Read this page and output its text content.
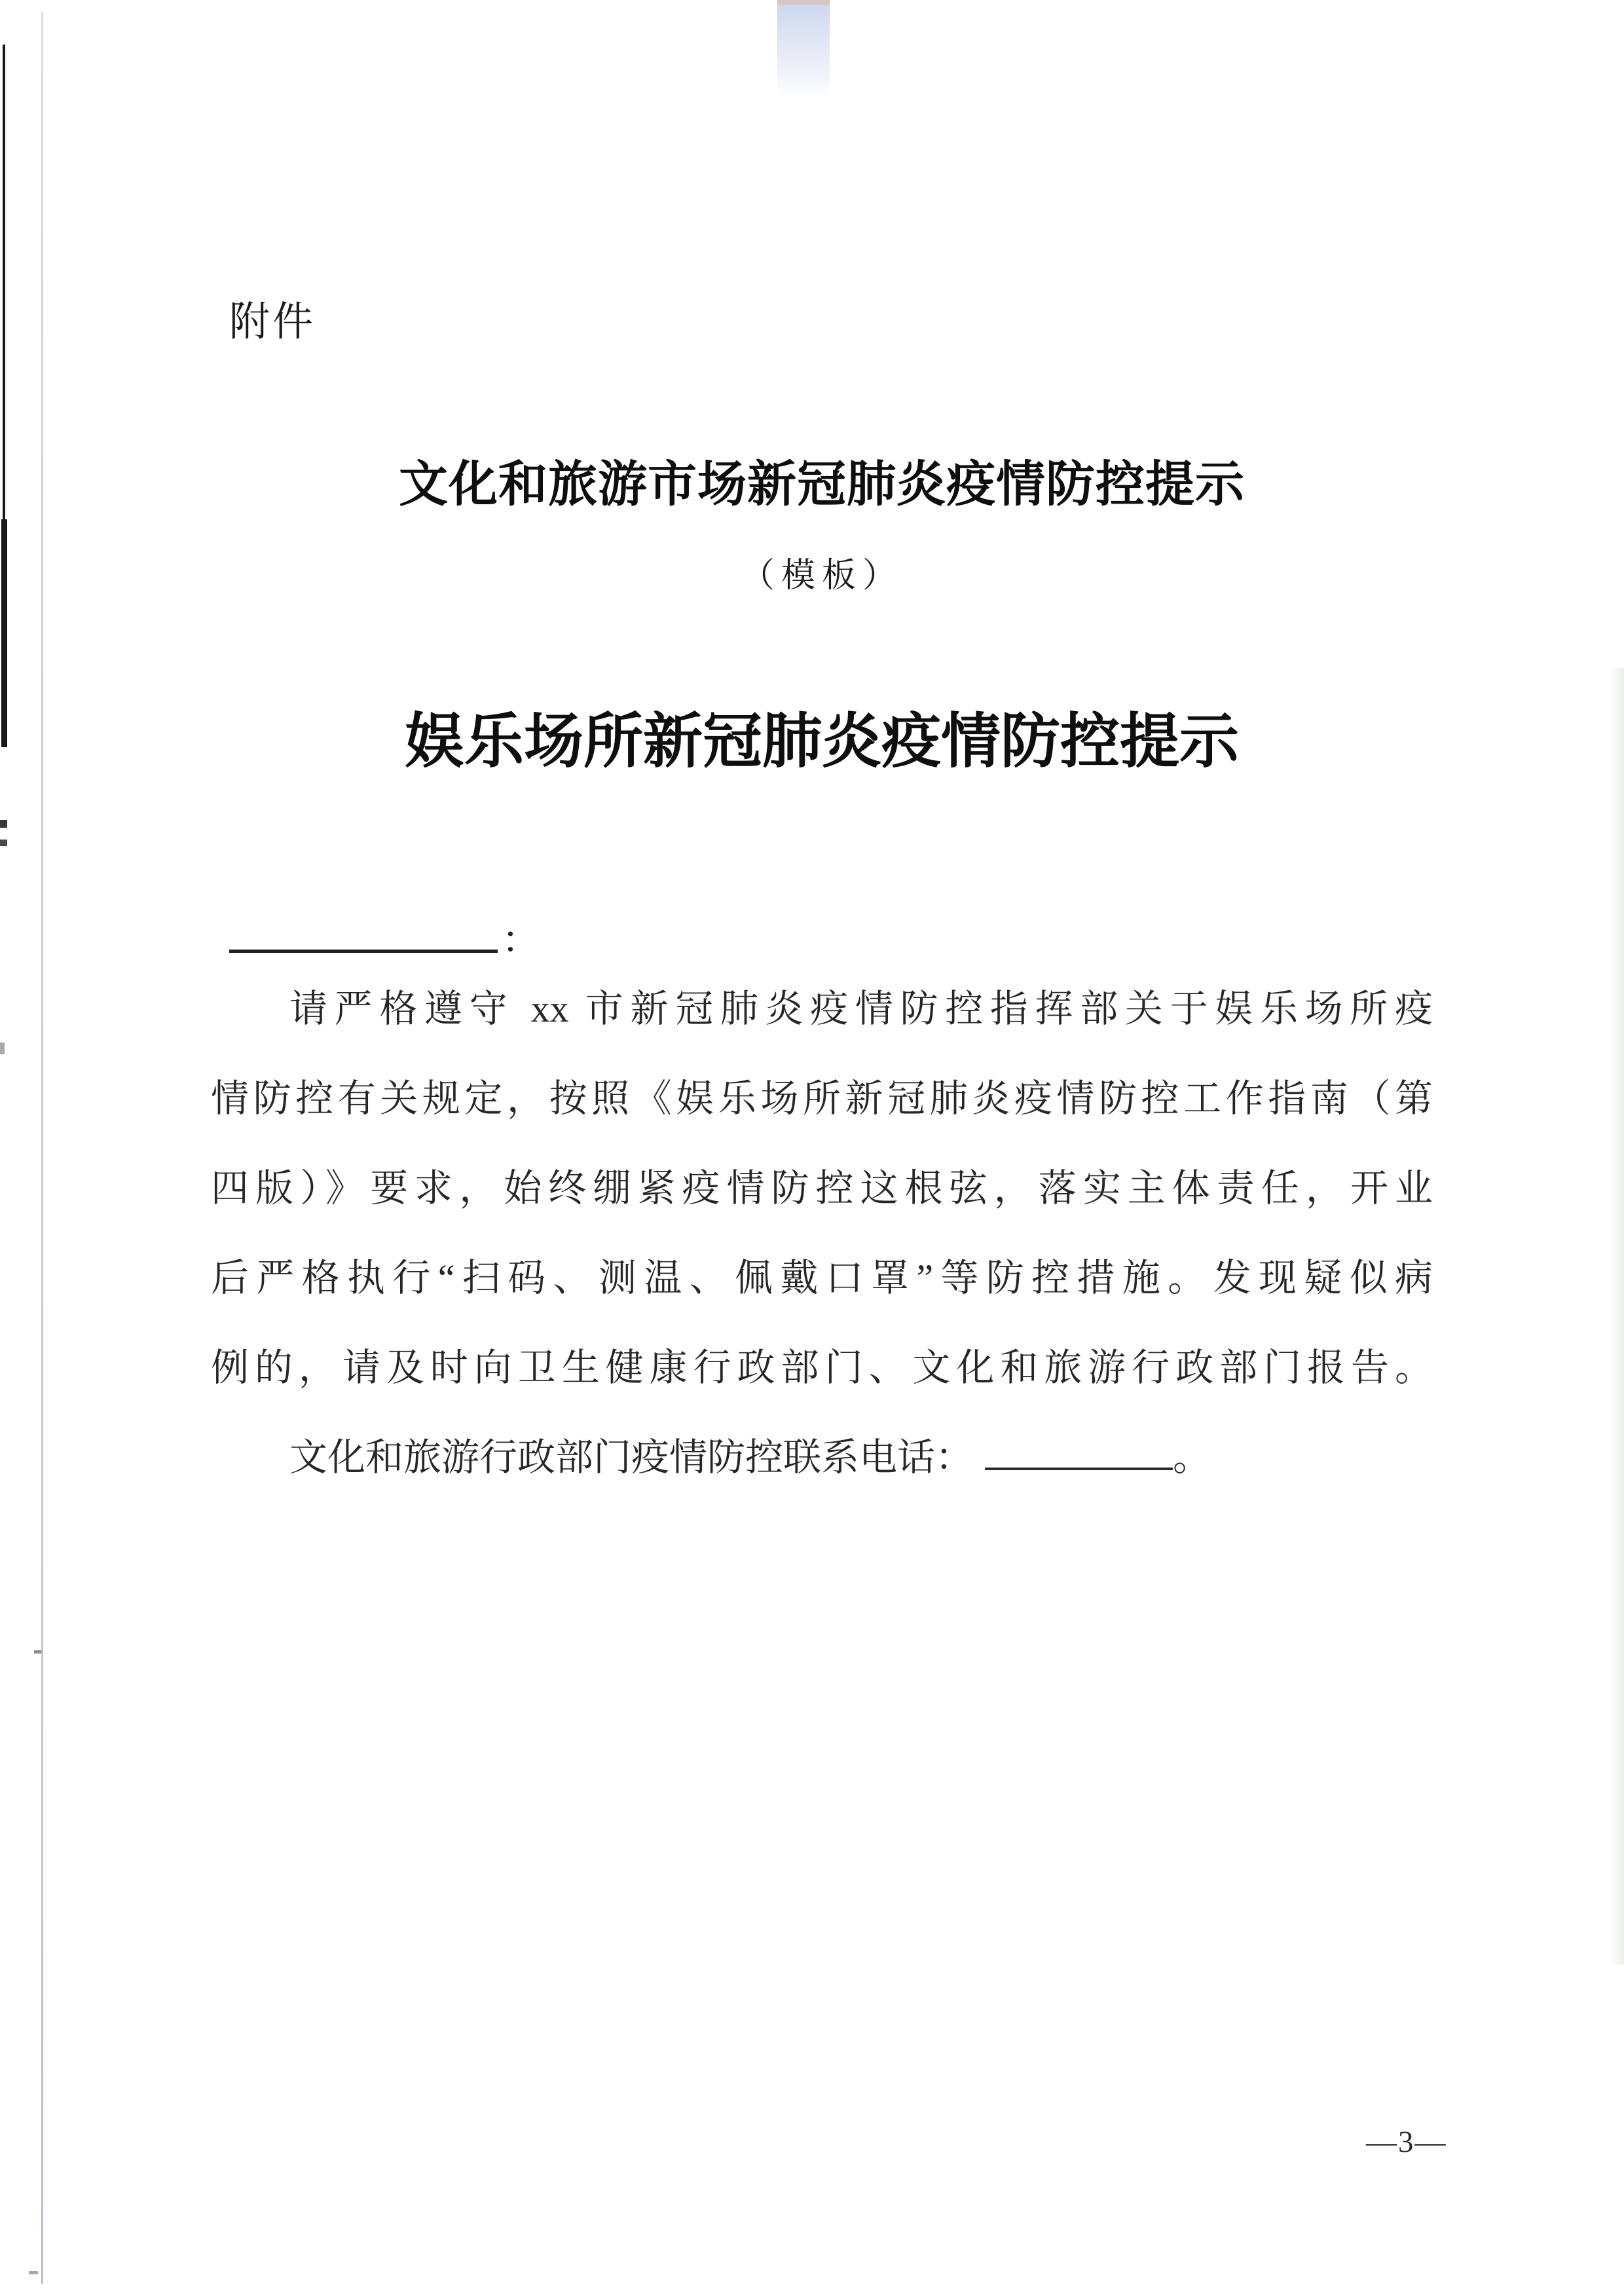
附件
文化和旅游市场新冠肺炎疫情防控提示
（模板）
娱乐场所新冠肺炎疫情防控提示
：
请严格遵守 xx 市新冠肺炎疫情防控指挥部关于娱乐场所疫
情防控有关规定，按照《娱乐场所新冠肺炎疫情防控工作指南（第
四版）》要求，始终绷紧疫情防控这根弦，落实主体责任，开业
后严格执行“扫码、测温、佩戴口罩”等防控措施。发现疑似病
例的，请及时向卫生健康行政部门、文化和旅游行政部门报告。
文化和旅游行政部门疫情防控联系电话：	。
—3—
